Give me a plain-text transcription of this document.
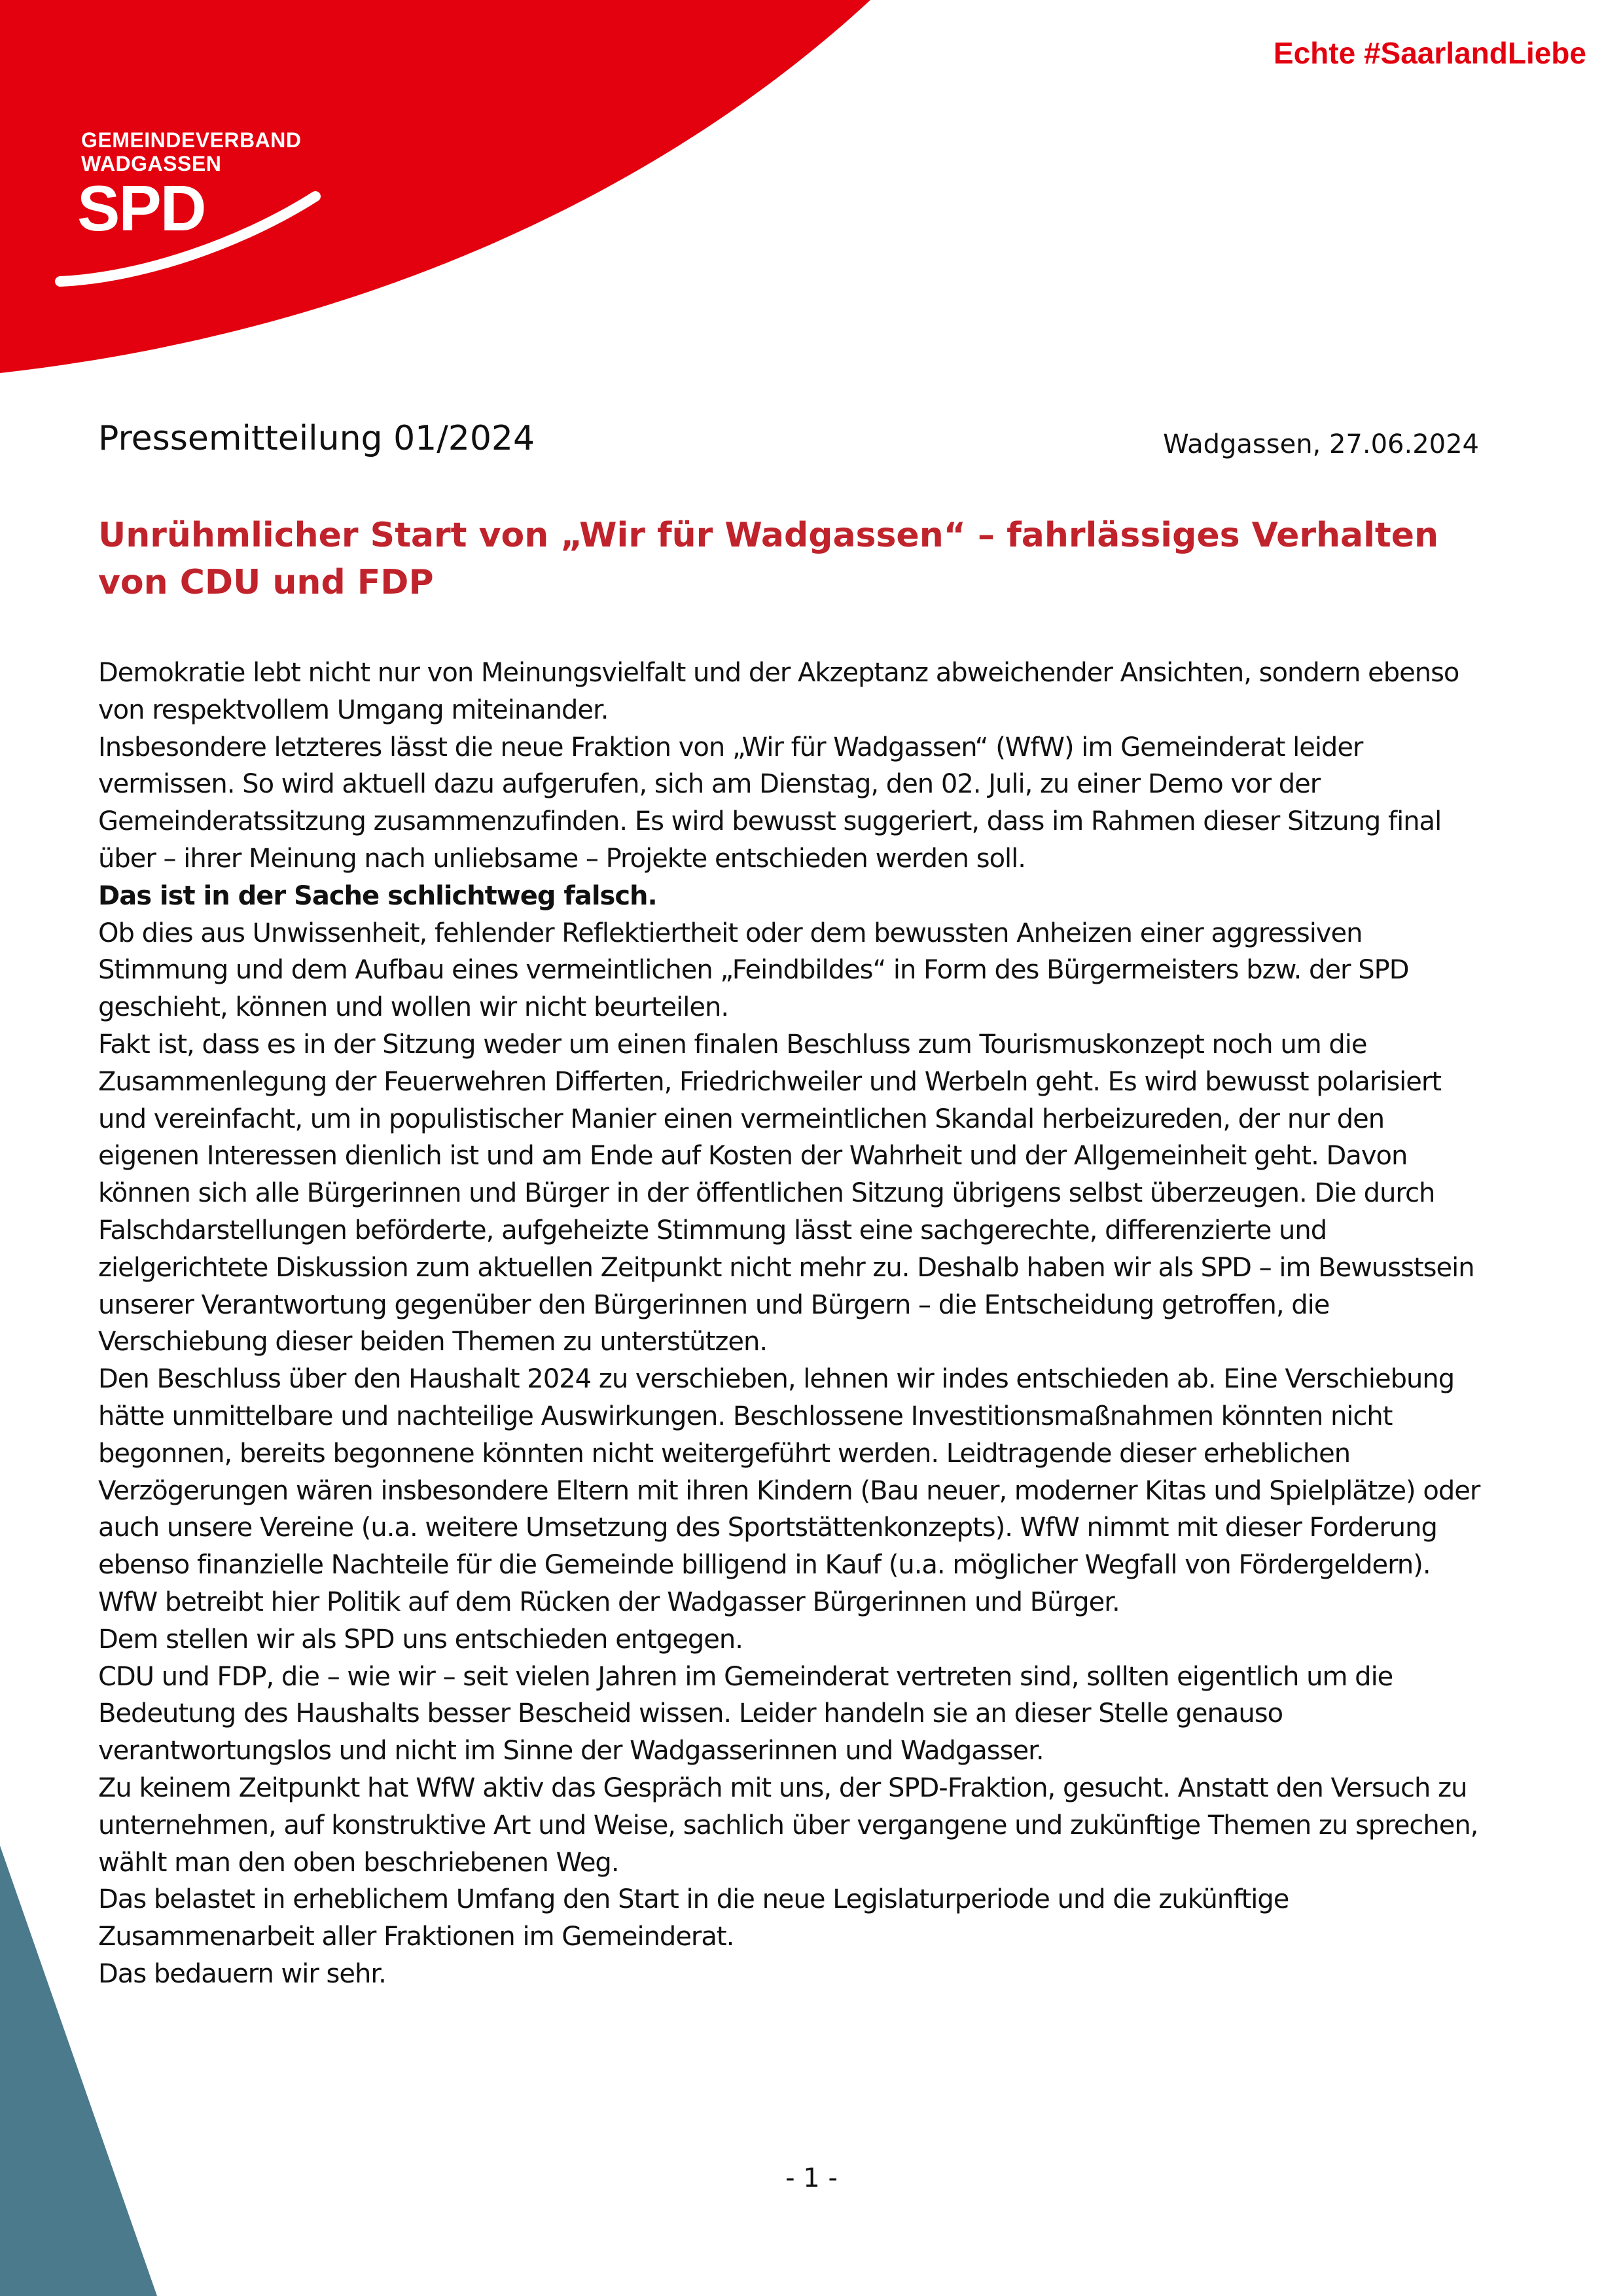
Echte #SaarlandLiebe
GEMEINDEVERBAND
WADGASSEN
SPD
Pressemitteilung 01/2024	Wadgassen, 27.06.2024
Unrühmlicher Start von „Wir für Wadgassen“ – fahrlässiges Verhalten von CDU und FDP

Demokratie lebt nicht nur von Meinungsvielfalt und der Akzeptanz abweichender Ansichten, sondern ebenso von respektvollem Umgang miteinander.

Insbesondere letzteres lässt die neue Fraktion von „Wir für Wadgassen“ (WfW) im Gemeinderat leider vermissen. So wird aktuell dazu aufgerufen, sich am Dienstag, den 02. Juli, zu einer Demo vor der Gemeinderatssitzung zusammenzufinden. Es wird bewusst suggeriert, dass im Rahmen dieser Sitzung final über – ihrer Meinung nach unliebsame – Projekte entschieden werden soll.

Das ist in der Sache schlichtweg falsch.

Ob dies aus Unwissenheit, fehlender Reflektiertheit oder dem bewussten Anheizen einer aggressiven Stimmung und dem Aufbau eines vermeintlichen „Feindbildes“ in Form des Bürgermeisters bzw. der SPD geschieht, können und wollen wir nicht beurteilen.

Fakt ist, dass es in der Sitzung weder um einen finalen Beschluss zum Tourismuskonzept noch um die Zusammenlegung der Feuerwehren Differten, Friedrichweiler und Werbeln geht. Es wird bewusst polarisiert und vereinfacht, um in populistischer Manier einen vermeintlichen Skandal herbeizureden, der nur den eigenen Interessen dienlich ist und am Ende auf Kosten der Wahrheit und der Allgemeinheit geht. Davon können sich alle Bürgerinnen und Bürger in der öffentlichen Sitzung übrigens selbst überzeugen. Die durch Falschdarstellungen beförderte, aufgeheizte Stimmung lässt eine sachgerechte, differenzierte und zielgerichtete Diskussion zum aktuellen Zeitpunkt nicht mehr zu. Deshalb haben wir als SPD – im Bewusstsein unserer Verantwortung gegenüber den Bürgerinnen und Bürgern – die Entscheidung getroffen, die Verschiebung dieser beiden Themen zu unterstützen.

Den Beschluss über den Haushalt 2024 zu verschieben, lehnen wir indes entschieden ab. Eine Verschiebung hätte unmittelbare und nachteilige Auswirkungen. Beschlossene Investitionsmaßnahmen könnten nicht begonnen, bereits begonnene könnten nicht weitergeführt werden. Leidtragende dieser erheblichen Verzögerungen wären insbesondere Eltern mit ihren Kindern (Bau neuer, moderner Kitas und Spielplätze) oder auch unsere Vereine (u.a. weitere Umsetzung des Sportstättenkonzepts). WfW nimmt mit dieser Forderung ebenso finanzielle Nachteile für die Gemeinde billigend in Kauf (u.a. möglicher Wegfall von Fördergeldern). WfW betreibt hier Politik auf dem Rücken der Wadgasser Bürgerinnen und Bürger.

Dem stellen wir als SPD uns entschieden entgegen.

CDU und FDP, die – wie wir – seit vielen Jahren im Gemeinderat vertreten sind, sollten eigentlich um die Bedeutung des Haushalts besser Bescheid wissen. Leider handeln sie an dieser Stelle genauso verantwortungslos und nicht im Sinne der Wadgasserinnen und Wadgasser.

Zu keinem Zeitpunkt hat WfW aktiv das Gespräch mit uns, der SPD-Fraktion, gesucht. Anstatt den Versuch zu unternehmen, auf konstruktive Art und Weise, sachlich über vergangene und zukünftige Themen zu sprechen, wählt man den oben beschriebenen Weg.

Das belastet in erheblichem Umfang den Start in die neue Legislaturperiode und die zukünftige Zusammenarbeit aller Fraktionen im Gemeinderat.

Das bedauern wir sehr.

- 1 -
